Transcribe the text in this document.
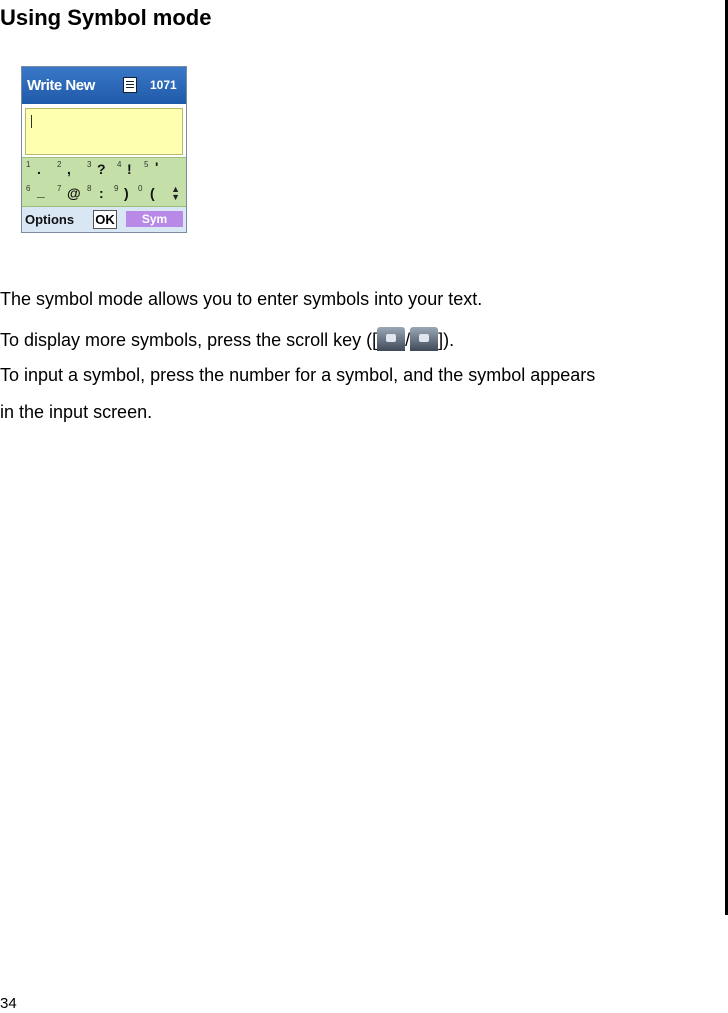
Using Symbol mode
Write New	1071
1 . 2 , 3 ? 4 ! 5 '
6 _ 7 @ 8 : 9 ) 0 ( ▲
▼
Options OK	Sym

The symbol mode allows you to enter symbols into your text.

To display more symbols, press the scroll key ([ / ]).

To input a symbol, press the number for a symbol, and the symbol appears

in the input screen.

34
